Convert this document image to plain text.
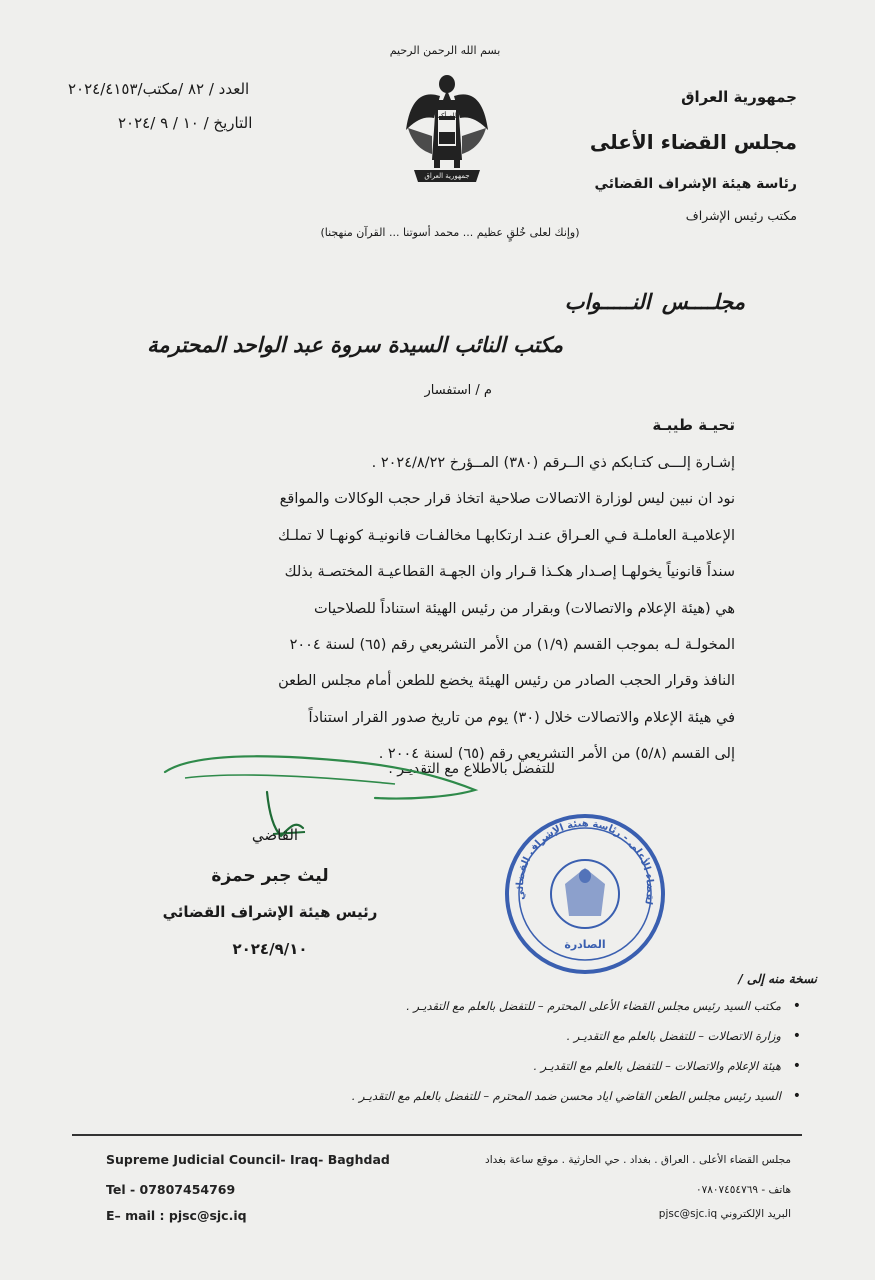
بسم الله الرحمن الرحيم
الله أكبر
جمهورية العراق
جمهورية العراق
مجلس القضاء الأعلى
رئاسة هيئة الإشراف القضائي
مكتب رئيس الإشراف
العدد / ٨٢ /مكتب/٢٠٢٤/٤١٥٣
التاريخ / ١٠ / ٩ /٢٠٢٤
(وإنك لعلى خُلقٍ عظيم ... محمد أسوتنا ... القرآن منهجنا)
مجلــــس النـــــواب
مكتب النائب السيدة سروة عبد الواحد المحترمة
م / استفسار
تحيـة طيبـة
إشـارة إلـــى كتـابكم ذي الــرقم (٣٨٠) المــؤرخ ٢٠٢٤/٨/٢٢ .
نود ان نبين ليس لوزارة الاتصالات صلاحية اتخاذ قرار حجب الوكالات والمواقع
الإعلاميـة العاملـة فـي العـراق عنـد ارتكابهـا مخالفـات قانونيـة كونهـا لا تملـك
سنداً قانونياً يخولهـا إصـدار هكـذا قـرار وان الجهـة القطاعيـة المختصـة بذلك
هي (هيئة الإعلام والاتصالات) وبقرار من رئيس الهيئة استناداً للصلاحيات
المخولـة لـه بموجب القسم (١/٩) من الأمر التشريعي رقم (٦٥) لسنة ٢٠٠٤
النافذ وقرار الحجب الصادر من رئيس الهيئة يخضع للطعن أمام مجلس الطعن
في هيئة الإعلام والاتصالات خلال (٣٠) يوم من تاريخ صدور القرار استناداً
إلى القسم (٥/٨) من الأمر التشريعي رقم (٦٥) لسنة ٢٠٠٤ .
للتفضل بالاطلاع مع التقديـر .
القاضي
ليث جبر حمزة
رئيس هيئة الإشراف القضائي
٢٠٢٤/٩/١٠
لقضاء الأعلى - رئاسة هيئة الإشراف القضائي
الصادرة
نسخة منه إلى /
• مكتب السيد رئيس مجلس القضاء الأعلى المحترم – للتفضل بالعلم مع التقديـر .
• وزارة الاتصالات – للتفضل بالعلم مع التقديـر .
• هيئة الإعلام والاتصالات – للتفضل بالعلم مع التقديـر .
• السيد رئيس مجلس الطعن القاضي اياد محسن ضمد المحترم – للتفضل بالعلم مع التقديـر .
Supreme Judicial Council- Iraq- Baghdad
Tel - 07807454769
E– mail : pjsc@sjc.iq
مجلس القضاء الأعلى . العراق . بغداد . حي الحارثية . موقع ساعة بغداد
هاتف - ٠٧٨٠٧٤٥٤٧٦٩
البريد الإلكتروني pjsc@sjc.iq
